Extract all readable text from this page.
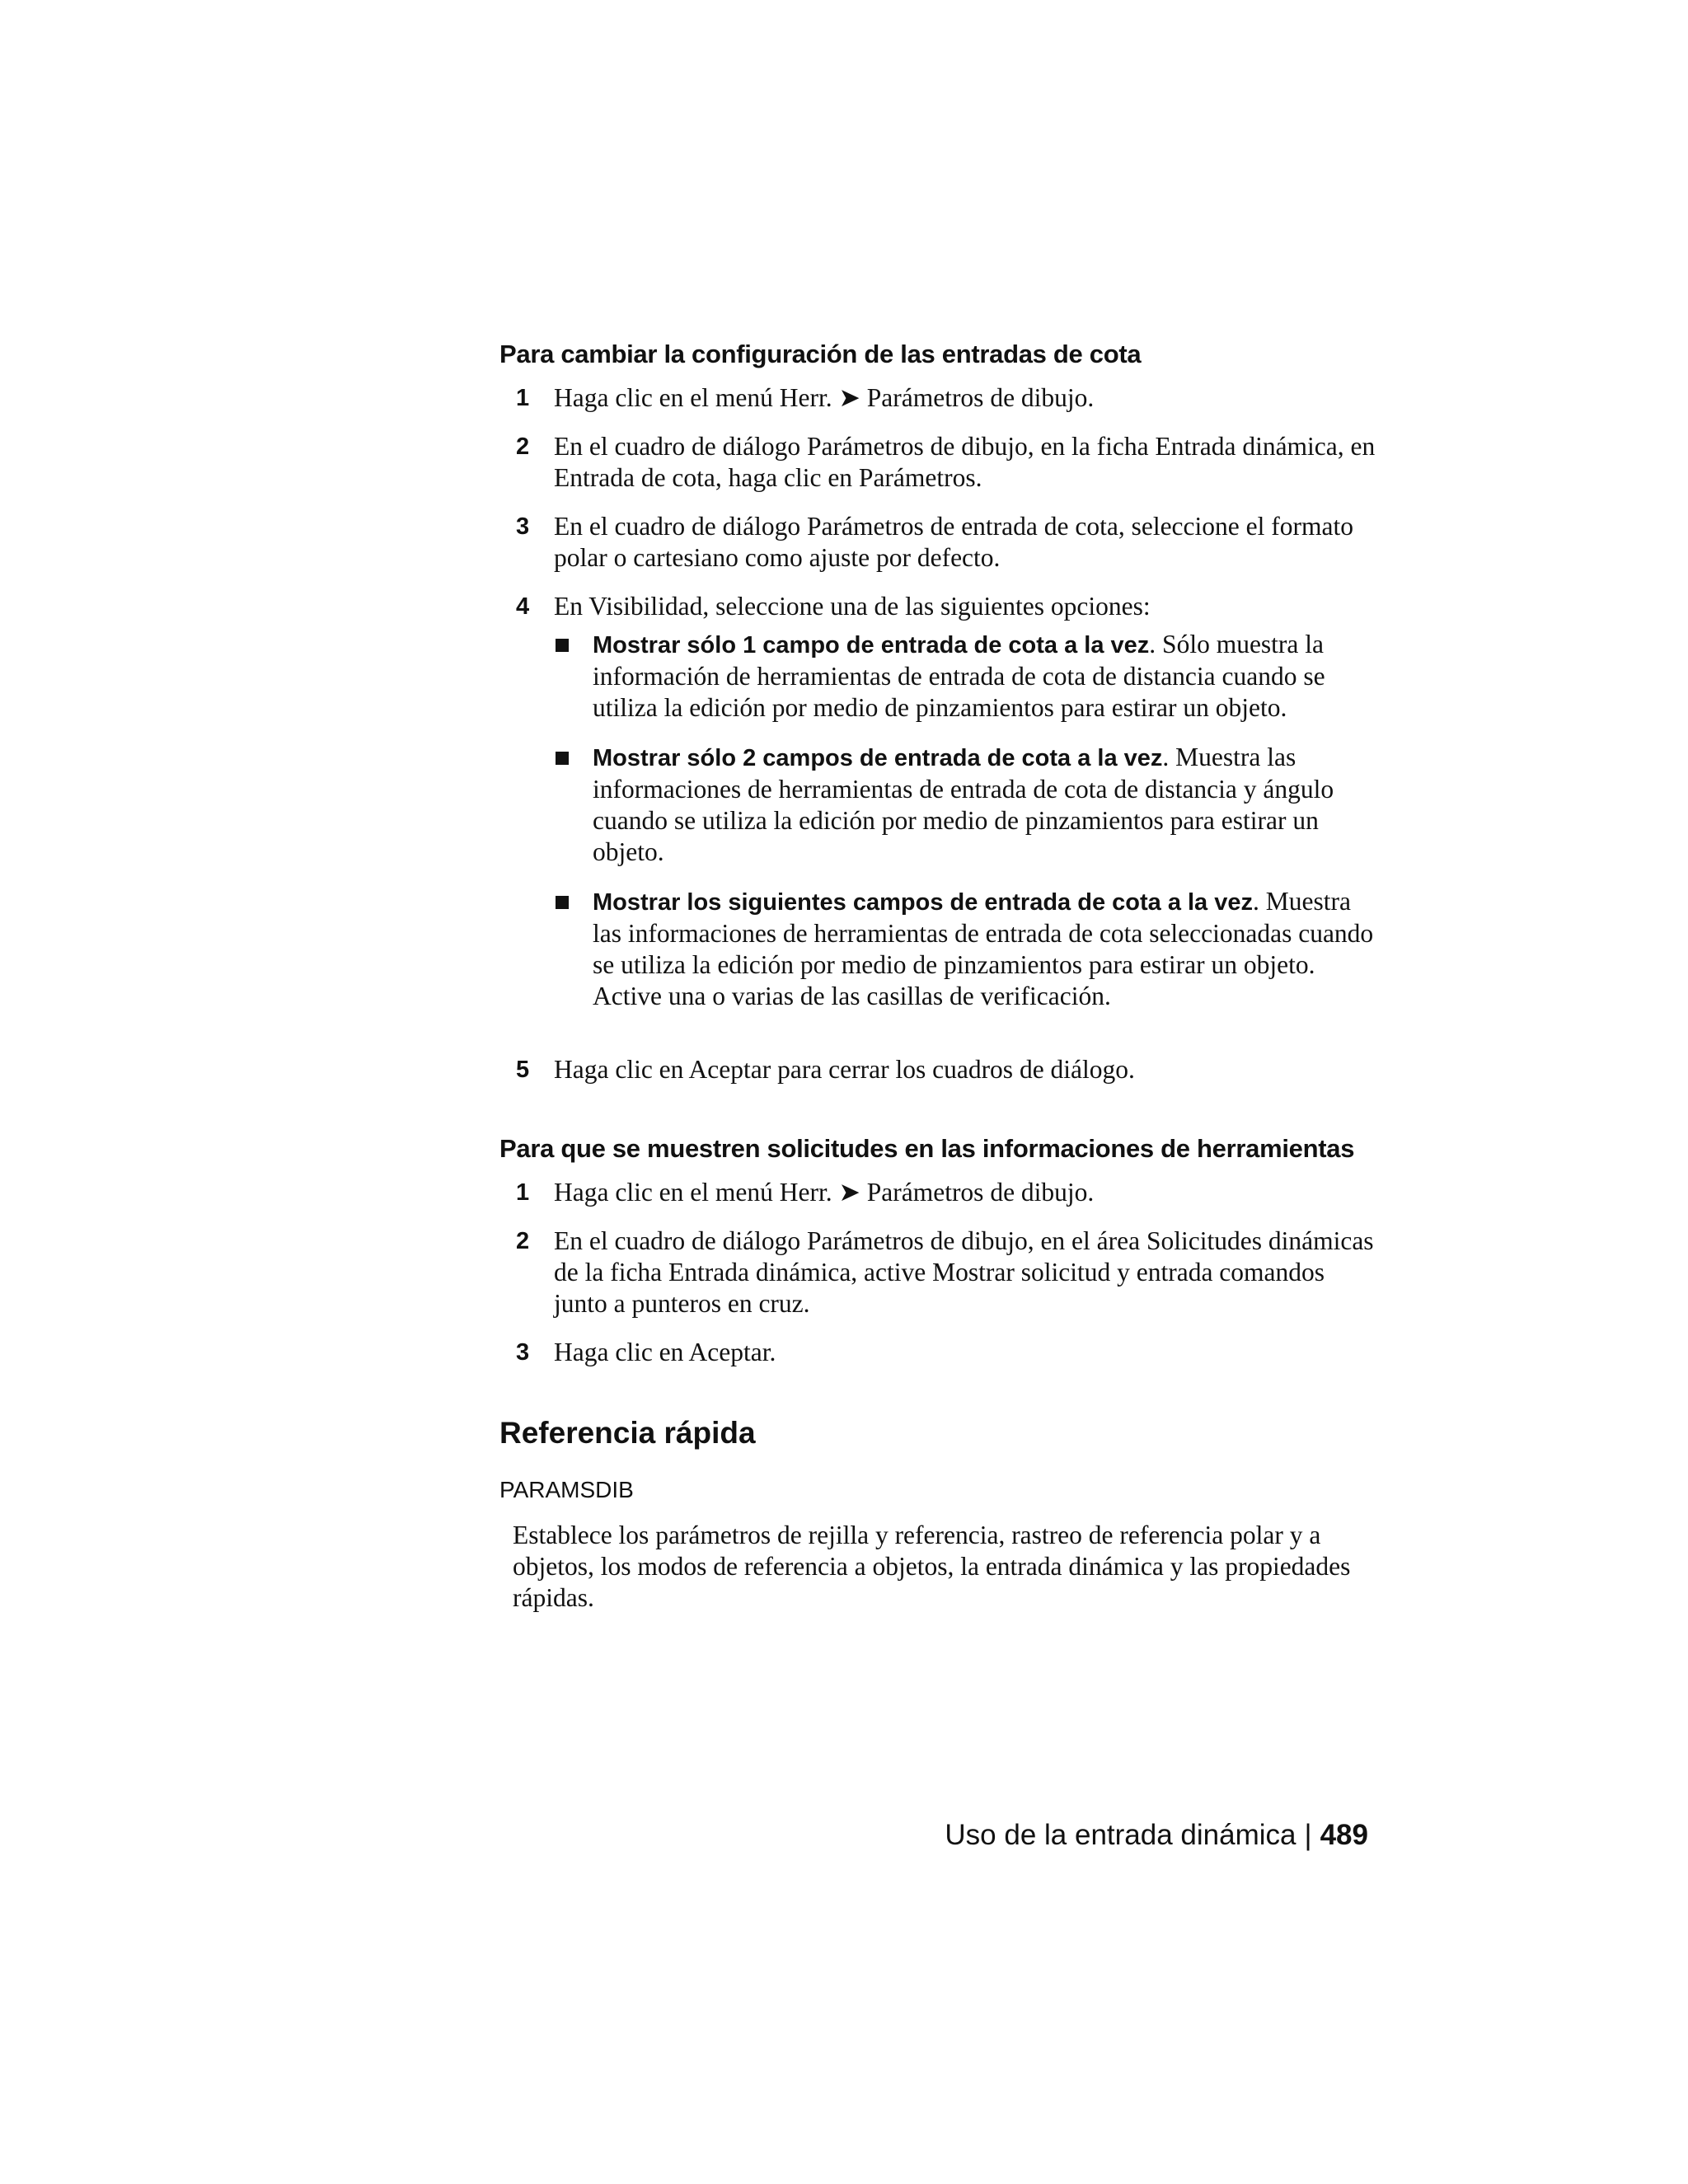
Para cambiar la configuración de las entradas de cota
1 Haga clic en el menú Herr. ➤ Parámetros de dibujo.
2 En el cuadro de diálogo Parámetros de dibujo, en la ficha Entrada dinámica, en Entrada de cota, haga clic en Parámetros.
3 En el cuadro de diálogo Parámetros de entrada de cota, seleccione el formato polar o cartesiano como ajuste por defecto.
4 En Visibilidad, seleccione una de las siguientes opciones:
Mostrar sólo 1 campo de entrada de cota a la vez. Sólo muestra la información de herramientas de entrada de cota de distancia cuando se utiliza la edición por medio de pinzamientos para estirar un objeto.
Mostrar sólo 2 campos de entrada de cota a la vez. Muestra las informaciones de herramientas de entrada de cota de distancia y ángulo cuando se utiliza la edición por medio de pinzamientos para estirar un objeto.
Mostrar los siguientes campos de entrada de cota a la vez. Muestra las informaciones de herramientas de entrada de cota seleccionadas cuando se utiliza la edición por medio de pinzamientos para estirar un objeto. Active una o varias de las casillas de verificación.
5 Haga clic en Aceptar para cerrar los cuadros de diálogo.
Para que se muestren solicitudes en las informaciones de herramientas
1 Haga clic en el menú Herr. ➤ Parámetros de dibujo.
2 En el cuadro de diálogo Parámetros de dibujo, en el área Solicitudes dinámicas de la ficha Entrada dinámica, active Mostrar solicitud y entrada comandos junto a punteros en cruz.
3 Haga clic en Aceptar.
Referencia rápida
PARAMSDIB
Establece los parámetros de rejilla y referencia, rastreo de referencia polar y a objetos, los modos de referencia a objetos, la entrada dinámica y las propiedades rápidas.
Uso de la entrada dinámica | 489
